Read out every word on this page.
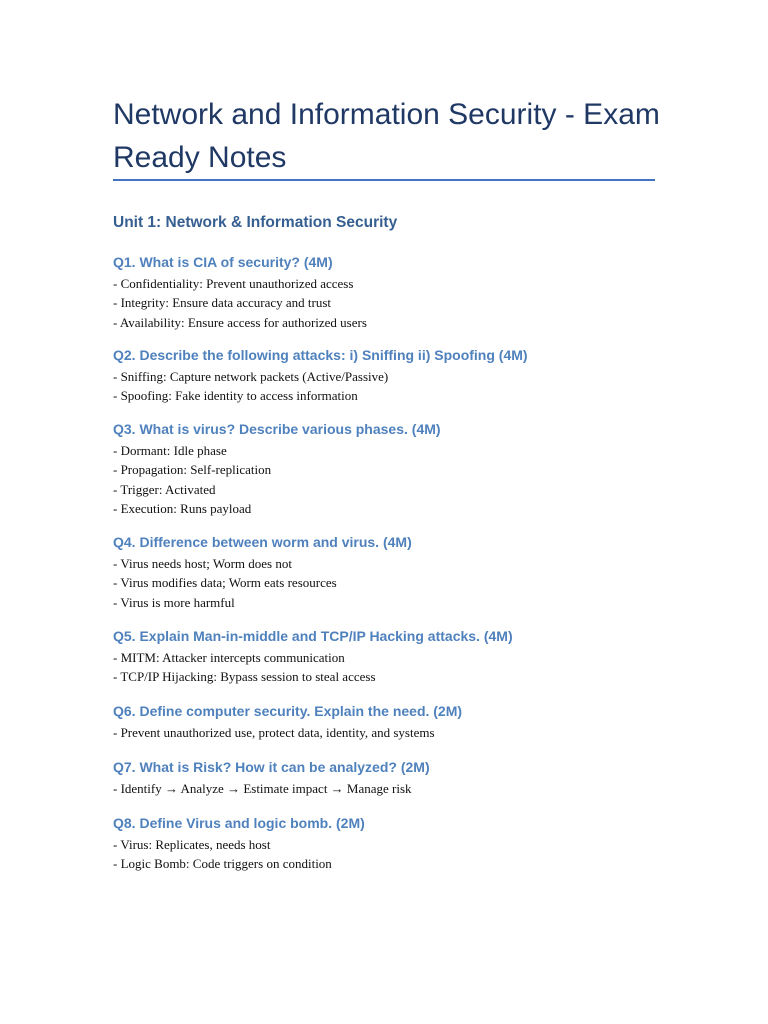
Network and Information Security - Exam Ready Notes
Unit 1: Network & Information Security
Q1. What is CIA of security? (4M)

- Confidentiality: Prevent unauthorized access

- Integrity: Ensure data accuracy and trust

- Availability: Ensure access for authorized users

Q2. Describe the following attacks: i) Sniffing ii) Spoofing (4M)

- Sniffing: Capture network packets (Active/Passive)

- Spoofing: Fake identity to access information

Q3. What is virus? Describe various phases. (4M)

- Dormant: Idle phase

- Propagation: Self-replication

- Trigger: Activated

- Execution: Runs payload

Q4. Difference between worm and virus. (4M)

- Virus needs host; Worm does not

- Virus modifies data; Worm eats resources

- Virus is more harmful

Q5. Explain Man-in-middle and TCP/IP Hacking attacks. (4M)

- MITM: Attacker intercepts communication

- TCP/IP Hijacking: Bypass session to steal access

Q6. Define computer security. Explain the need. (2M)

- Prevent unauthorized use, protect data, identity, and systems

Q7. What is Risk? How it can be analyzed? (2M)

- Identify → Analyze → Estimate impact → Manage risk

Q8. Define Virus and logic bomb. (2M)

- Virus: Replicates, needs host

- Logic Bomb: Code triggers on condition
